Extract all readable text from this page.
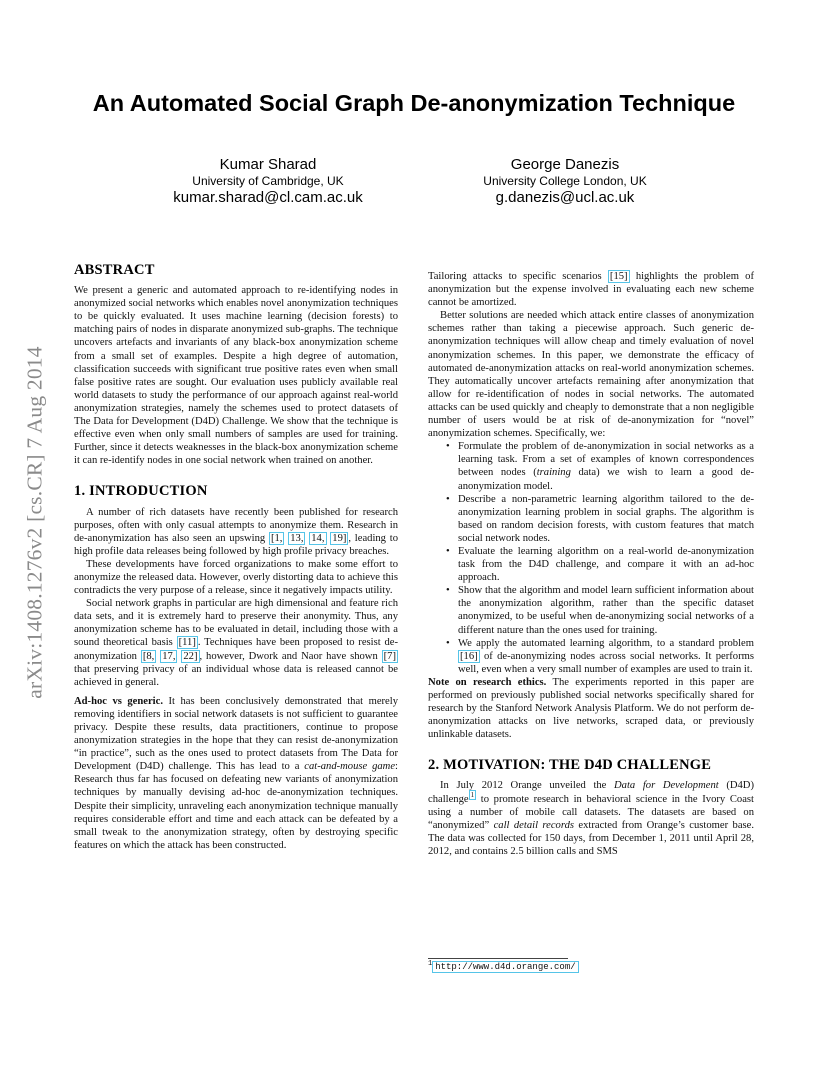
arXiv:1408.1276v2 [cs.CR] 7 Aug 2014
An Automated Social Graph De-anonymization Technique
Kumar Sharad
University of Cambridge, UK
kumar.sharad@cl.cam.ac.uk
George Danezis
University College London, UK
g.danezis@ucl.ac.uk
ABSTRACT

We present a generic and automated approach to re-identifying nodes in anonymized social networks which enables novel anonymization techniques to be quickly evaluated. It uses machine learning (decision forests) to matching pairs of nodes in disparate anonymized sub-graphs. The technique uncovers artefacts and invariants of any black-box anonymization scheme from a small set of examples. Despite a high degree of automation, classification succeeds with significant true positive rates even when small false positive rates are sought. Our evaluation uses publicly available real world datasets to study the performance of our approach against real-world anonymization strategies, namely the schemes used to protect datasets of The Data for Development (D4D) Challenge. We show that the technique is effective even when only small numbers of samples are used for training. Further, since it detects weaknesses in the black-box anonymization scheme it can re-identify nodes in one social network when trained on another.

1. INTRODUCTION

A number of rich datasets have recently been published for research purposes, often with only casual attempts to anonymize them. Research in de-anonymization has also seen an upswing [1, 13, 14, 19] , leading to high profile data releases being followed by high profile privacy breaches.

These developments have forced organizations to make some effort to anonymize the released data. However, overly distorting data to achieve this contradicts the very purpose of a release, since it negatively impacts utility.

Social network graphs in particular are high dimensional and feature rich data sets, and it is extremely hard to preserve their anonymity. Thus, any anonymization scheme has to be evaluated in detail, including those with a sound theoretical basis [11] . Techniques have been proposed to resist de-anonymization [8, 17, 22] , however, Dwork and Naor have shown [7] that preserving privacy of an individual whose data is released cannot be achieved in general.

Ad-hoc vs generic. It has been conclusively demonstrated that merely removing identifiers in social network datasets is not sufficient to guarantee privacy. Despite these results, data practitioners, continue to propose anonymization strategies in the hope that they can resist de-anonymization “in practice”, such as the ones used to protect datasets from The Data for Development (D4D) challenge. This has lead to a cat-and-mouse game: Research thus far has focused on defeating new variants of anonymization techniques by manually devising ad-hoc de-anonymization techniques. Despite their simplicity, unraveling each anonymization technique manually requires considerable effort and time and each attack can be defeated by a small tweak to the anonymization strategy, often by destroying specific features on which the attack has been constructed.

Tailoring attacks to specific scenarios [15] highlights the problem of anonymization but the expense involved in evaluating each new scheme cannot be amortized.

Better solutions are needed which attack entire classes of anonymization schemes rather than taking a piecewise approach. Such generic de-anonymization techniques will allow cheap and timely evaluation of novel anonymization schemes. In this paper, we demonstrate the efficacy of automated de-anonymization attacks on real-world anonymization schemes. They automatically uncover artefacts remaining after anonymization that allow for re-identification of nodes in social networks. The automated attacks can be used quickly and cheaply to demonstrate that a non negligible number of users would be at risk of de-anonymization for “novel” anonymization schemes. Specifically, we:

• Formulate the problem of de-anonymization in social networks as a learning task. From a set of examples of known correspondences between nodes (training data) we wish to learn a good de-anonymization model.
• Describe a non-parametric learning algorithm tailored to the de-anonymization learning problem in social graphs. The algorithm is based on random decision forests, with custom features that match social network nodes.
• Evaluate the learning algorithm on a real-world de-anonymization task from the D4D challenge, and compare it with an ad-hoc approach.
• Show that the algorithm and model learn sufficient information about the anonymization algorithm, rather than the specific dataset anonymized, to be useful when de-anonymizing social networks of a different nature than the ones used for training.
• We apply the automated learning algorithm, to a standard problem [16] of de-anonymizing nodes across social networks. It performs well, even when a very small number of examples are used to train it.

Note on research ethics. The experiments reported in this paper are performed on previously published social networks specifically shared for research by the Stanford Network Analysis Platform. We do not perform de-anonymization attacks on live networks, scraped data, or previously unlinkable datasets.

2. MOTIVATION: THE D4D CHALLENGE

In July 2012 Orange unveiled the Data for Development (D4D) challenge $^1$ to promote research in behavioral science in the Ivory Coast using a number of mobile call datasets. The datasets are based on “anonymized” call detail records extracted from Orange’s customer base. The data was collected for 150 days, from December 1, 2011 until April 28, 2012, and contains 2.5 billion calls and SMS

$^1$ http://www.d4d.orange.com/
